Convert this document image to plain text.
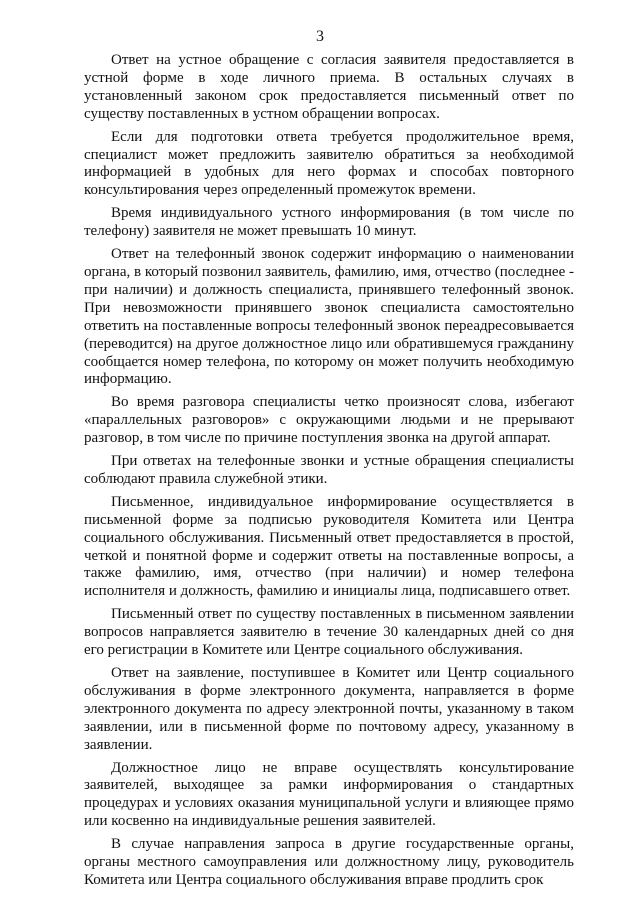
3

Ответ на устное обращение с согласия заявителя предоставляется в устной форме в ходе личного приема. В остальных случаях в установленный законом срок предоставляется письменный ответ по существу поставленных в устном обращении вопросах.

Если для подготовки ответа требуется продолжительное время, специалист может предложить заявителю обратиться за необходимой информацией в удобных для него формах и способах повторного консультирования через определенный промежуток времени.

Время индивидуального устного информирования (в том числе по телефону) заявителя не может превышать 10 минут.

Ответ на телефонный звонок содержит информацию о наименовании органа, в который позвонил заявитель, фамилию, имя, отчество (последнее - при наличии) и должность специалиста, принявшего телефонный звонок. При невозможности принявшего звонок специалиста самостоятельно ответить на поставленные вопросы телефонный звонок переадресовывается (переводится) на другое должностное лицо или обратившемуся гражданину сообщается номер телефона, по которому он может получить необходимую информацию.

Во время разговора специалисты четко произносят слова, избегают «параллельных разговоров» с окружающими людьми и не прерывают разговор, в том числе по причине поступления звонка на другой аппарат.

При ответах на телефонные звонки и устные обращения специалисты соблюдают правила служебной этики.

Письменное, индивидуальное информирование осуществляется в письменной форме за подписью руководителя Комитета или Центра социального обслуживания. Письменный ответ предоставляется в простой, четкой и понятной форме и содержит ответы на поставленные вопросы, а также фамилию, имя, отчество (при наличии) и номер телефона исполнителя и должность, фамилию и инициалы лица, подписавшего ответ.

Письменный ответ по существу поставленных в письменном заявлении вопросов направляется заявителю в течение 30 календарных дней со дня его регистрации в Комитете или Центре социального обслуживания.

Ответ на заявление, поступившее в Комитет или Центр социального обслуживания в форме электронного документа, направляется в форме электронного документа по адресу электронной почты, указанному в таком заявлении, или в письменной форме по почтовому адресу, указанному в заявлении.

Должностное лицо не вправе осуществлять консультирование заявителей, выходящее за рамки информирования о стандартных процедурах и условиях оказания муниципальной услуги и влияющее прямо или косвенно на индивидуальные решения заявителей.

В случае направления запроса в другие государственные органы, органы местного самоуправления или должностному лицу, руководитель Комитета или Центра социального обслуживания вправе продлить срок
